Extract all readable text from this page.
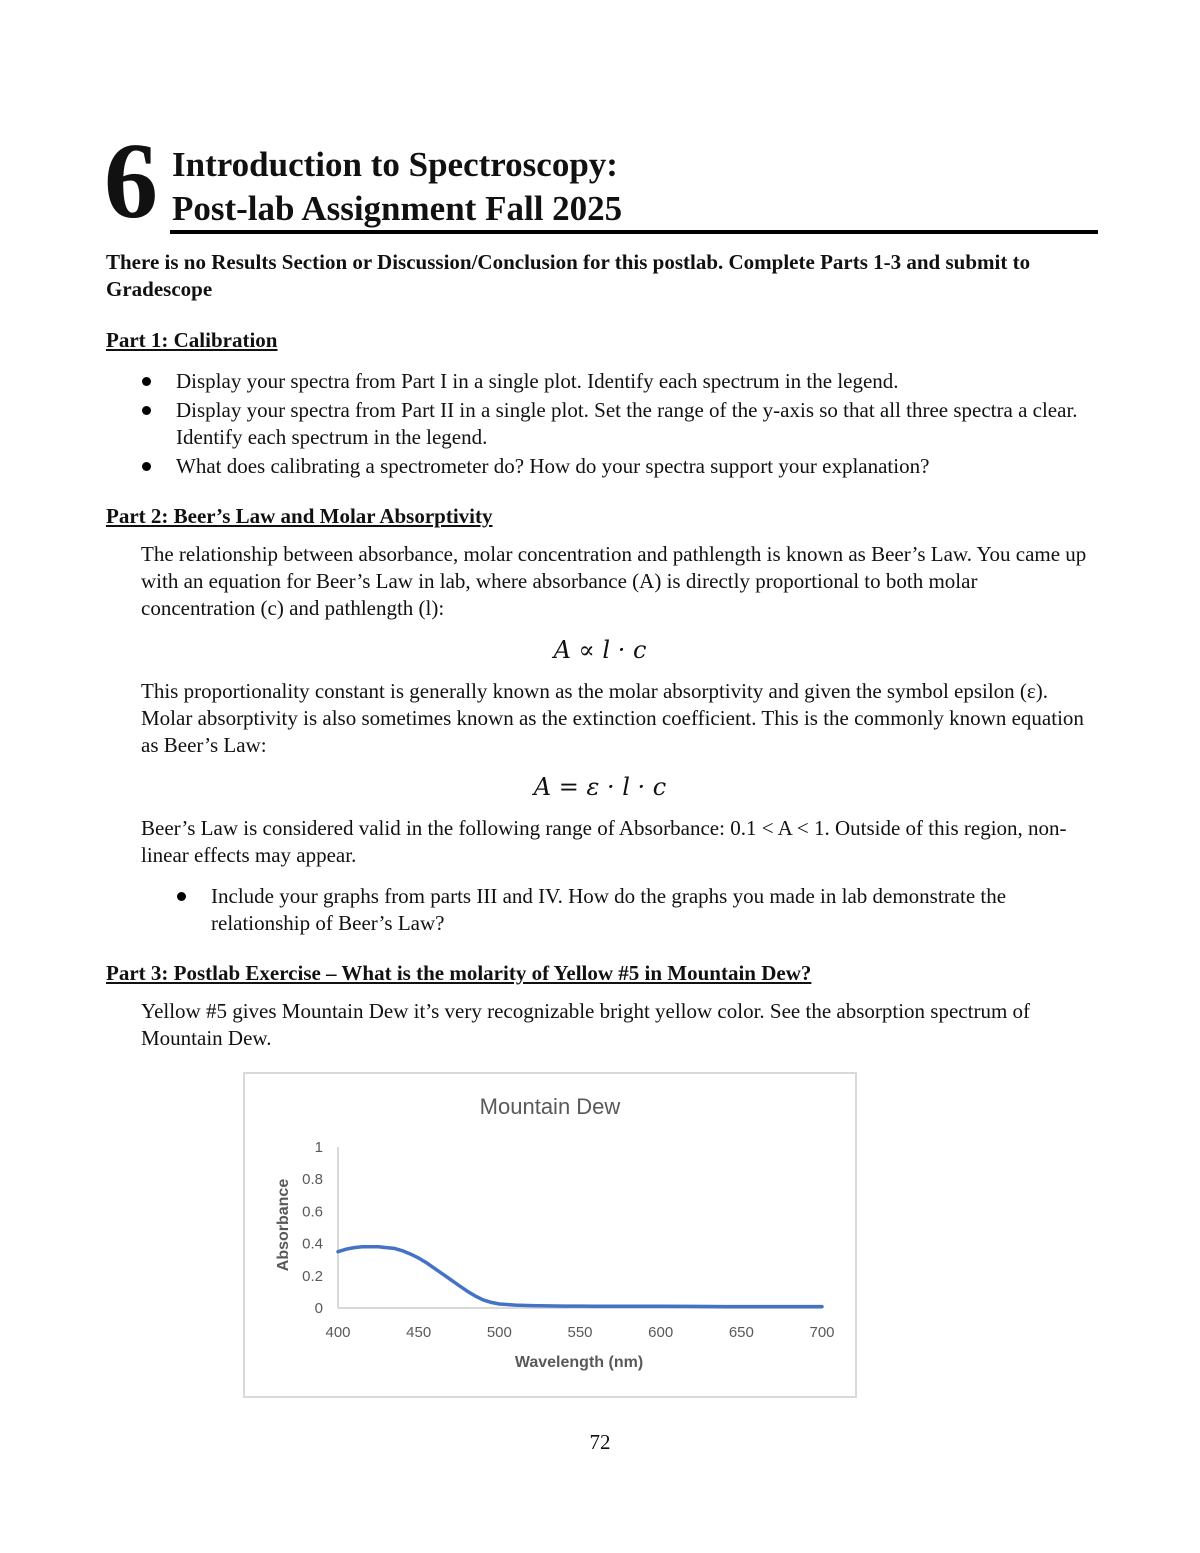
6 Introduction to Spectroscopy:
Post-lab Assignment Fall 2025
There is no Results Section or Discussion/Conclusion for this postlab. Complete Parts 1-3 and submit to Gradescope
Part 1: Calibration
Display your spectra from Part I in a single plot. Identify each spectrum in the legend.
Display your spectra from Part II in a single plot. Set the range of the y-axis so that all three spectra a clear. Identify each spectrum in the legend.
What does calibrating a spectrometer do? How do your spectra support your explanation?
Part 2: Beer’s Law and Molar Absorptivity
The relationship between absorbance, molar concentration and pathlength is known as Beer’s Law. You came up with an equation for Beer’s Law in lab, where absorbance (A) is directly proportional to both molar concentration (c) and pathlength (l):
A ∝ l · c
This proportionality constant is generally known as the molar absorptivity and given the symbol epsilon (ε). Molar absorptivity is also sometimes known as the extinction coefficient. This is the commonly known equation as Beer’s Law:
A = ε · l · c
Beer’s Law is considered valid in the following range of Absorbance: 0.1 < A < 1. Outside of this region, non-linear effects may appear.
Include your graphs from parts III and IV. How do the graphs you made in lab demonstrate the relationship of Beer’s Law?
Part 3: Postlab Exercise – What is the molarity of Yellow #5 in Mountain Dew?
Yellow #5 gives Mountain Dew it’s very recognizable bright yellow color. See the absorption spectrum of Mountain Dew.
Mountain Dew
Wavelength (nm)
Absorbance
400	450	500	550	600	650	700
0
0.2
0.4
0.6
0.8
1
72
